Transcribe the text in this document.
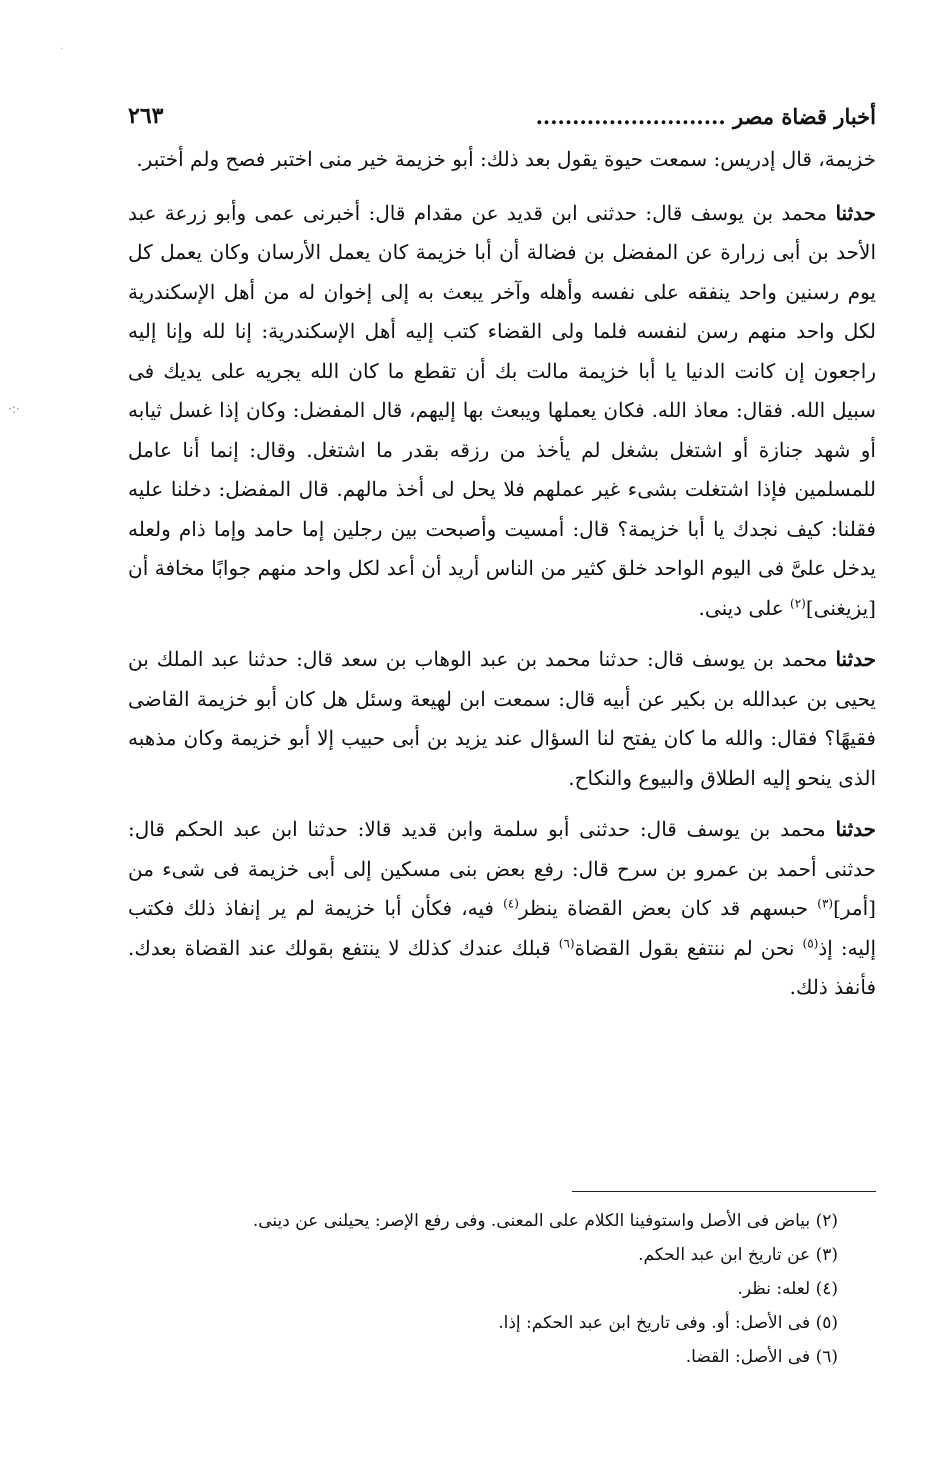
·
·:·
أخبار قضاة مصر ..........................
٢٦٣

خزيمة، قال إدريس: سمعت حيوة يقول بعد ذلك: أبو خزيمة خير منى اختبر فصح ولم أختبر.

حدثنا محمد بن يوسف قال: حدثنى ابن قديد عن مقدام قال: أخبرنى عمى وأبو زرعة عبد الأحد بن أبى زرارة عن المفضل بن فضالة أن أبا خزيمة كان يعمل الأرسان وكان يعمل كل يوم رسنين واحد ينفقه على نفسه وأهله وآخر يبعث به إلى إخوان له من أهل الإسكندرية لكل واحد منهم رسن لنفسه فلما ولى القضاء كتب إليه أهل الإسكندرية: إنا لله وإنا إليه راجعون إن كانت الدنيا يا أبا خزيمة مالت بك أن تقطع ما كان الله يجريه على يديك فى سبيل الله. فقال: معاذ الله. فكان يعملها ويبعث بها إليهم، قال المفضل: وكان إذا غسل ثيابه أو شهد جنازة أو اشتغل بشغل لم يأخذ من رزقه بقدر ما اشتغل. وقال: إنما أنا عامل للمسلمين فإذا اشتغلت بشىء غير عملهم فلا يحل لى أخذ مالهم. قال المفضل: دخلنا عليه فقلنا: كيف نجدك يا أبا خزيمة؟ قال: أمسيت وأصبحت بين رجلين إما حامد وإما ذام ولعله يدخل علىَّ فى اليوم الواحد خلق كثير من الناس أريد أن أعد لكل واحد منهم جوابًا مخافة أن [يزيغنى]$^{(٢)}$ على دينى.

حدثنا محمد بن يوسف قال: حدثنا محمد بن عبد الوهاب بن سعد قال: حدثنا عبد الملك بن يحيى بن عبدالله بن بكير عن أبيه قال: سمعت ابن لهيعة وسئل هل كان أبو خزيمة القاضى فقيهًا؟ فقال: والله ما كان يفتح لنا السؤال عند يزيد بن أبى حبيب إلا أبو خزيمة وكان مذهبه الذى ينحو إليه الطلاق والبيوع والنكاح.

حدثنا محمد بن يوسف قال: حدثنى أبو سلمة وابن قديد قالا: حدثنا ابن عبد الحكم قال: حدثنى أحمد بن عمرو بن سرح قال: رفع بعض بنى مسكين إلى أبى خزيمة فى شىء من [أمر]$^{(٣)}$ حبسهم قد كان بعض القضاة ينظر$^{(٤)}$ فيه، فكأن أبا خزيمة لم ير إنفاذ ذلك فكتب إليه: إذ$^{(٥)}$ نحن لم ننتفع بقول القضاة$^{(٦)}$ قبلك عندك كذلك لا ينتفع بقولك عند القضاة بعدك. فأنفذ ذلك.

(٢) بياض فى الأصل واستوفينا الكلام على المعنى. وفى رفع الإصر: يحيلنى عن دينى.
(٣) عن تاريخ ابن عبد الحكم.
(٤) لعله: نظر.
(٥) فى الأصل: أو. وفى تاريخ ابن عبد الحكم: إذا.
(٦) فى الأصل: القضا.
